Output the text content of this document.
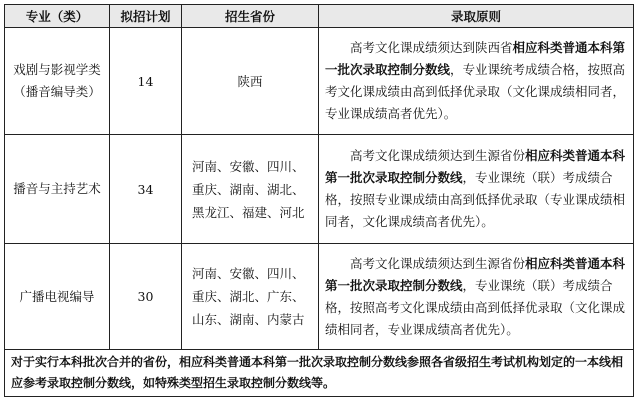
专业（类）	拟招计划	招生省份	录取原则

戏剧与影视学类
（播音编导类）	14	陕西	高考文化课成绩须达到陕西省相应科类普通本科第一批次录取控制分数线，专业课统考成绩合格，按照高考文化课成绩由高到低择优录取（文化课成绩相同者，专业课成绩高者优先）。

播音与主持艺术	34	河南、安徽、四川、
重庆、湖南、湖北、
黑龙江、福建、河北	高考文化课成绩须达到生源省份相应科类普通本科第一批次录取控制分数线，专业课统（联）考成绩合格，按照专业课成绩由高到低择优录取（专业课成绩相同者，文化课成绩高者优先）。

广播电视编导	30	河南、安徽、四川、
重庆、湖北、广东、
山东、湖南、内蒙古	高考文化课成绩须达到生源省份相应科类普通本科第一批次录取控制分数线，专业课统（联）考成绩合格，按照高考文化课成绩由高到低择优录取（文化课成绩相同者，专业课成绩高者优先）。
对于实行本科批次合并的省份，相应科类普通本科第一批次录取控制分数线参照各省级招生考试机构划定的一本线相应参考录取控制分数线，如特殊类型招生录取控制分数线等。			
